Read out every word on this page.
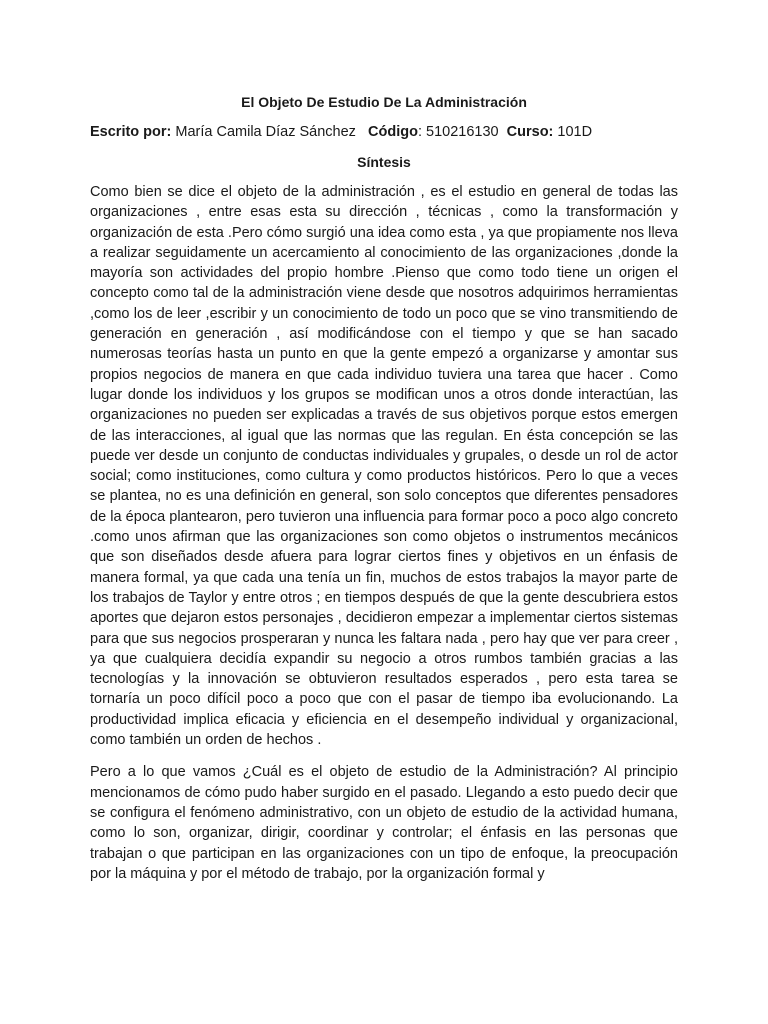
El Objeto De Estudio De La Administración
Escrito por: María Camila Díaz Sánchez Código: 510216130 Curso: 101D
Síntesis

Como bien se dice el objeto de la administración , es el estudio en general de todas las organizaciones , entre esas esta su dirección , técnicas , como la transformación y organización de esta .Pero cómo surgió una idea como esta , ya que propiamente nos lleva a realizar seguidamente un acercamiento al conocimiento de las organizaciones ,donde la mayoría son actividades del propio hombre .Pienso que como todo tiene un origen el concepto como tal de la administración viene desde que nosotros adquirimos herramientas ,como los de leer ,escribir y un conocimiento de todo un poco que se vino transmitiendo de generación en generación , así modificándose con el tiempo y que se han sacado numerosas teorías hasta un punto en que la gente empezó a organizarse y amontar sus propios negocios de manera en que cada individuo tuviera una tarea que hacer . Como lugar donde los individuos y los grupos se modifican unos a otros donde interactúan, las organizaciones no pueden ser explicadas a través de sus objetivos porque estos emergen de las interacciones, al igual que las normas que las regulan. En ésta concepción se las puede ver desde un conjunto de conductas individuales y grupales, o desde un rol de actor social; como instituciones, como cultura y como productos históricos. Pero lo que a veces se plantea, no es una definición en general, son solo conceptos que diferentes pensadores de la época plantearon, pero tuvieron una influencia para formar poco a poco algo concreto .como unos afirman que las organizaciones son como objetos o instrumentos mecánicos que son diseñados desde afuera para lograr ciertos fines y objetivos en un énfasis de manera formal, ya que cada una tenía un fin, muchos de estos trabajos la mayor parte de los trabajos de Taylor y entre otros ; en tiempos después de que la gente descubriera estos aportes que dejaron estos personajes , decidieron empezar a implementar ciertos sistemas para que sus negocios prosperaran y nunca les faltara nada , pero hay que ver para creer , ya que cualquiera decidía expandir su negocio a otros rumbos también gracias a las tecnologías y la innovación se obtuvieron resultados esperados , pero esta tarea se tornaría un poco difícil poco a poco que con el pasar de tiempo iba evolucionando. La productividad implica eficacia y eficiencia en el desempeño individual y organizacional, como también un orden de hechos .

Pero a lo que vamos ¿Cuál es el objeto de estudio de la Administración? Al principio mencionamos de cómo pudo haber surgido en el pasado. Llegando a esto puedo decir que se configura el fenómeno administrativo, con un objeto de estudio de la actividad humana, como lo son, organizar, dirigir, coordinar y controlar; el énfasis en las personas que trabajan o que participan en las organizaciones con un tipo de enfoque, la preocupación por la máquina y por el método de trabajo, por la organización formal y
